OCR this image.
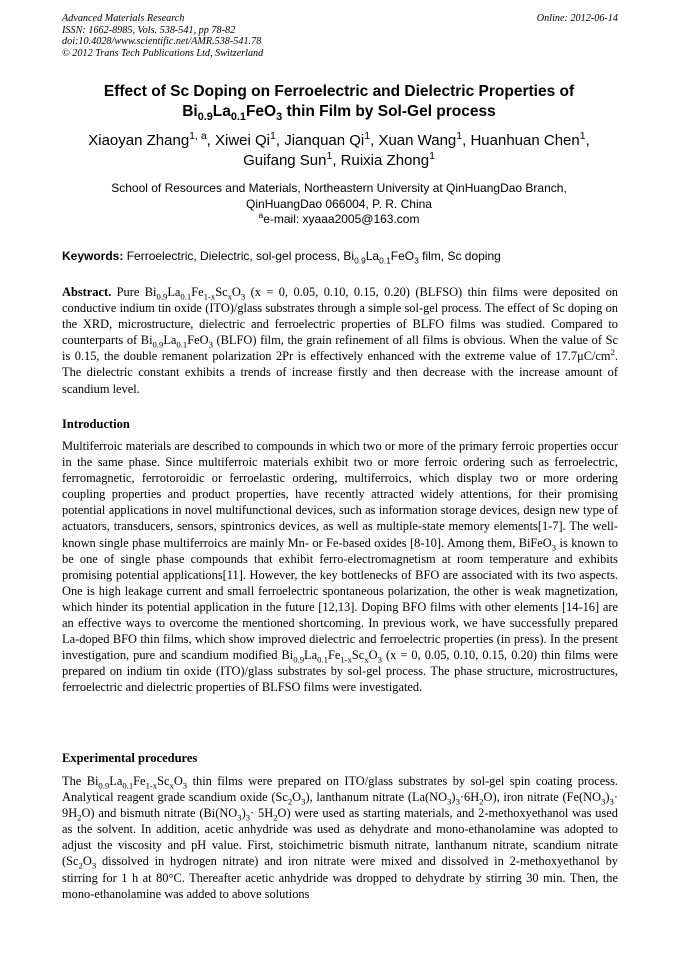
Advanced Materials Research
ISSN: 1662-8985, Vols. 538-541, pp 78-82
doi:10.4028/www.scientific.net/AMR.538-541.78
© 2012 Trans Tech Publications Ltd, Switzerland
Online: 2012-06-14
Effect of Sc Doping on Ferroelectric and Dielectric Properties of
$Bi_{0.9}La_{0.1}FeO_3$ thin Film by Sol-Gel process
Xiaoyan Zhang$^{1, a}$, Xiwei Qi$^1$, Jianquan Qi$^1$, Xuan Wang$^1$, Huanhuan Chen$^1$,
Guifang Sun$^1$, Ruixia Zhong$^1$
School of Resources and Materials, Northeastern University at QinHuangDao Branch,
QinHuangDao 066004, P. R. China
$^a$e-mail: xyaaa2005@163.com
Keywords: Ferroelectric, Dielectric, sol-gel process, $Bi_{0.9}La_{0.1}FeO_3$ film, Sc doping
Abstract. Pure $Bi_{0.9}La_{0.1}Fe_{1-x}Sc_xO_3$ (x = 0, 0.05, 0.10, 0.15, 0.20) (BLFSO) thin films were deposited on conductive indium tin oxide (ITO)/glass substrates through a simple sol-gel process. The effect of Sc doping on the XRD, microstructure, dielectric and ferroelectric properties of BLFO films was studied. Compared to counterparts of $Bi_{0.9}La_{0.1}FeO_3$ (BLFO) film, the grain refinement of all films is obvious. When the value of Sc is 0.15, the double remanent polarization 2Pr is effectively enhanced with the extreme value of $17.7\mu C/cm^2$. The dielectric constant exhibits a trends of increase firstly and then decrease with the increase amount of scandium level.
Introduction
Multiferroic materials are described to compounds in which two or more of the primary ferroic properties occur in the same phase. Since multiferroic materials exhibit two or more ferroic ordering such as ferroelectric, ferromagnetic, ferrotoroidic or ferroelastic ordering, multiferroics, which display two or more ordering coupling properties and product properties, have recently attracted widely attentions, for their promising potential applications in novel multifunctional devices, such as information storage devices, design new type of actuators, transducers, sensors, spintronics devices, as well as multiple-state memory elements[1-7]. The well-known single phase multiferroics are mainly Mn- or Fe-based oxides [8-10]. Among them, BiFeO$_3$ is known to be one of single phase compounds that exhibit ferro-electromagnetism at room temperature and exhibits promising potential applications[11]. However, the key bottlenecks of BFO are associated with its two aspects. One is high leakage current and small ferroelectric spontaneous polarization, the other is weak magnetization, which hinder its potential application in the future [12,13]. Doping BFO films with other elements [14-16] are an effective ways to overcome the mentioned shortcoming. In previous work, we have successfully prepared La-doped BFO thin films, which show improved dielectric and ferroelectric properties (in press). In the present investigation, pure and scandium modified $Bi_{0.9}La_{0.1}Fe_{1-x}Sc_xO_3$ (x = 0, 0.05, 0.10, 0.15, 0.20) thin films were prepared on indium tin oxide (ITO)/glass substrates by sol-gel process. The phase structure, microstructures, ferroelectric and dielectric properties of BLFSO films were investigated.
Experimental procedures
The $Bi_{0.9}La_{0.1}Fe_{1-x}Sc_xO_3$ thin films were prepared on ITO/glass substrates by sol-gel spin coating process. Analytical reagent grade scandium oxide $(Sc_2O_3)$, lanthanum nitrate $(La(NO_3)_3\cdot 6H_2O)$, iron nitrate $(Fe(NO_3)_3\cdot 9H_2O)$ and bismuth nitrate $(Bi(NO_3)_3\cdot 5H_2O)$ were used as starting materials, and 2-methoxyethanol was used as the solvent. In addition, acetic anhydride was used as dehydrate and mono-ethanolamine was adopted to adjust the viscosity and pH value. First, stoichimetric bismuth nitrate, lanthanum nitrate, scandium nitrate ($Sc_2O_3$ dissolved in hydrogen nitrate) and iron nitrate were mixed and dissolved in 2-methoxyethanol by stirring for 1 h at 80°C. Thereafter acetic anhydride was dropped to dehydrate by stirring 30 min. Then, the mono-ethanolamine was added to above solutions
